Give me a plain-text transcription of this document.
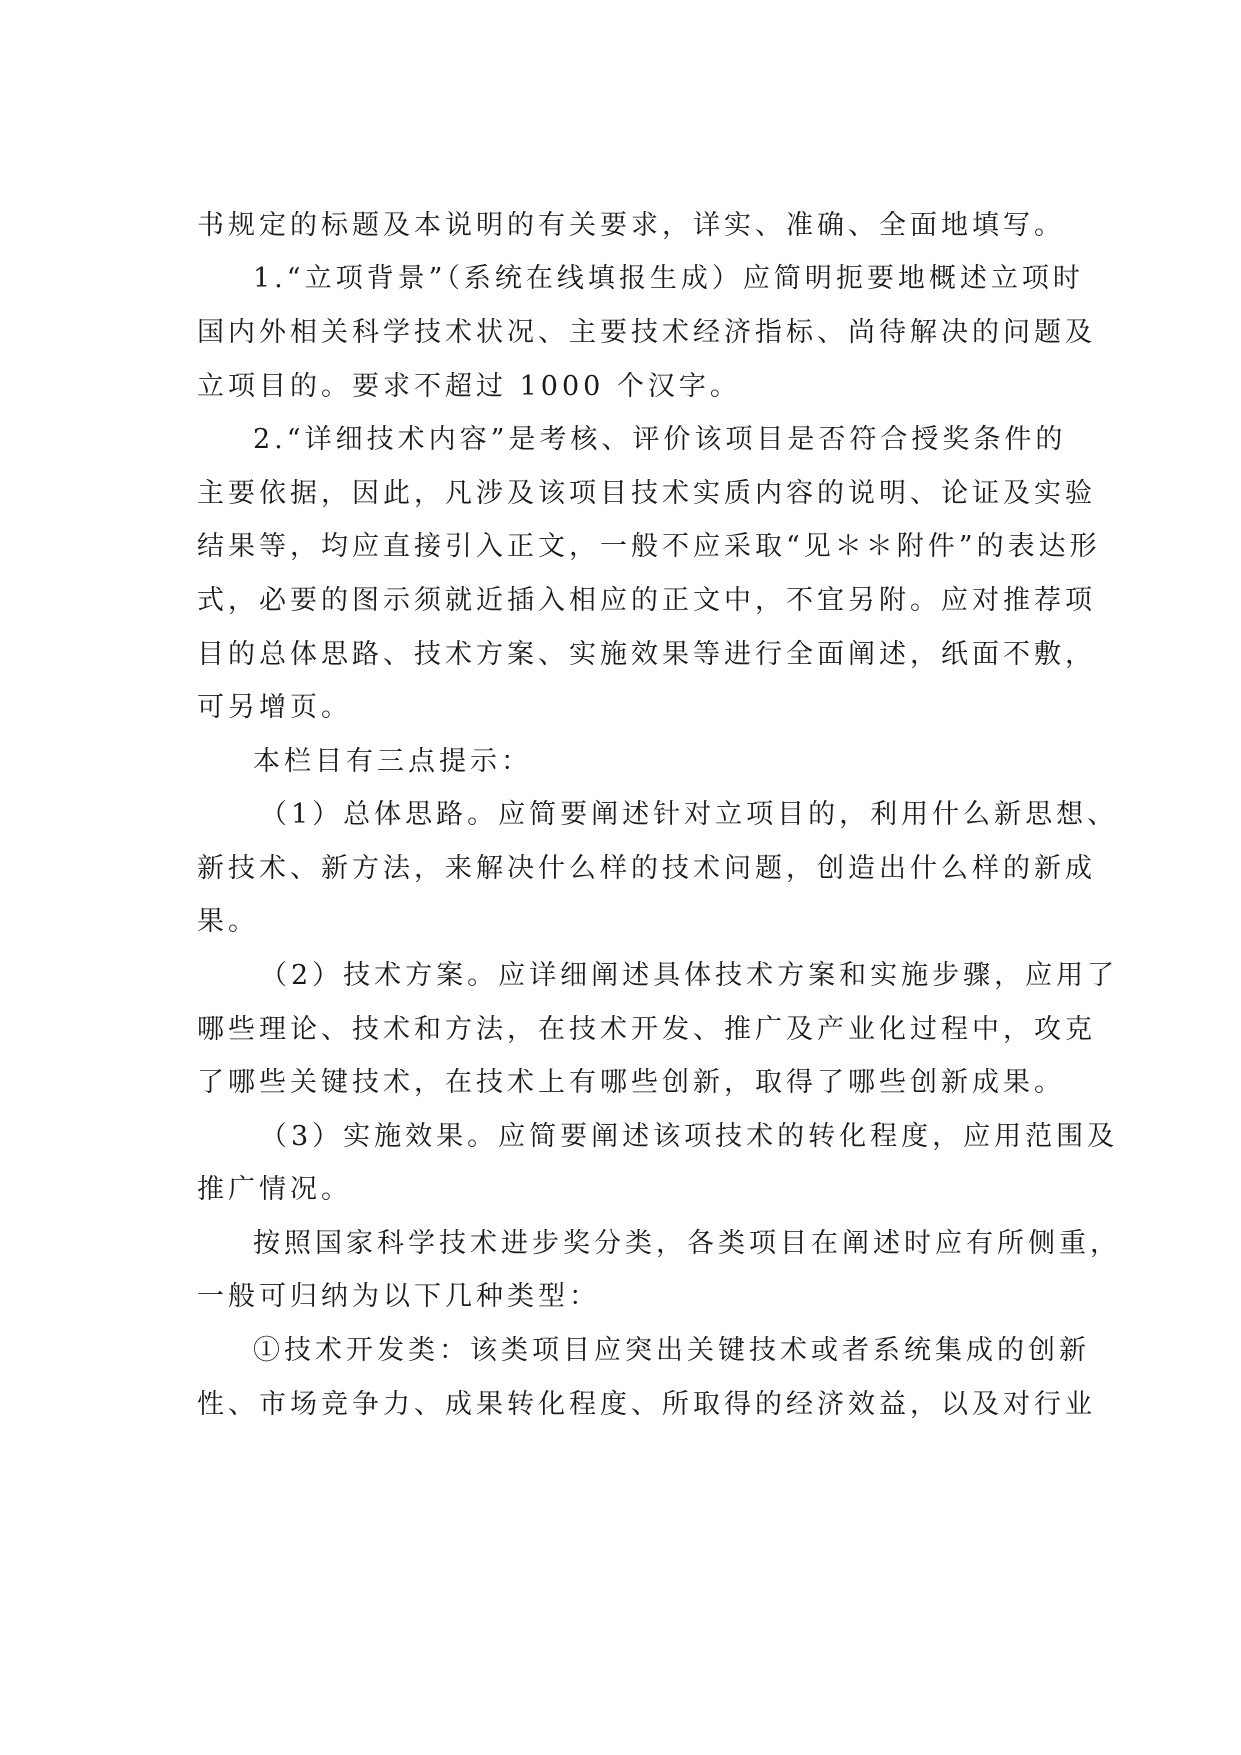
书规定的标题及本说明的有关要求，详实、准确、全面地填写。

1.“立项背景”（系统在线填报生成）应简明扼要地概述立项时

国内外相关科学技术状况、主要技术经济指标、尚待解决的问题及

立项目的。要求不超过 1000 个汉字。

2.“详细技术内容”是考核、评价该项目是否符合授奖条件的

主要依据，因此，凡涉及该项目技术实质内容的说明、论证及实验

结果等，均应直接引入正文，一般不应采取“见＊＊附件”的表达形

式，必要的图示须就近插入相应的正文中，不宜另附。应对推荐项

目的总体思路、技术方案、实施效果等进行全面阐述，纸面不敷，

可另增页。

本栏目有三点提示：

（1）总体思路。应简要阐述针对立项目的，利用什么新思想、

新技术、新方法，来解决什么样的技术问题，创造出什么样的新成

果。

（2）技术方案。应详细阐述具体技术方案和实施步骤，应用了

哪些理论、技术和方法，在技术开发、推广及产业化过程中，攻克

了哪些关键技术，在技术上有哪些创新，取得了哪些创新成果。

（3）实施效果。应简要阐述该项技术的转化程度，应用范围及

推广情况。

按照国家科学技术进步奖分类，各类项目在阐述时应有所侧重，

一般可归纳为以下几种类型：

①技术开发类：该类项目应突出关键技术或者系统集成的创新

性、市场竞争力、成果转化程度、所取得的经济效益，以及对行业
